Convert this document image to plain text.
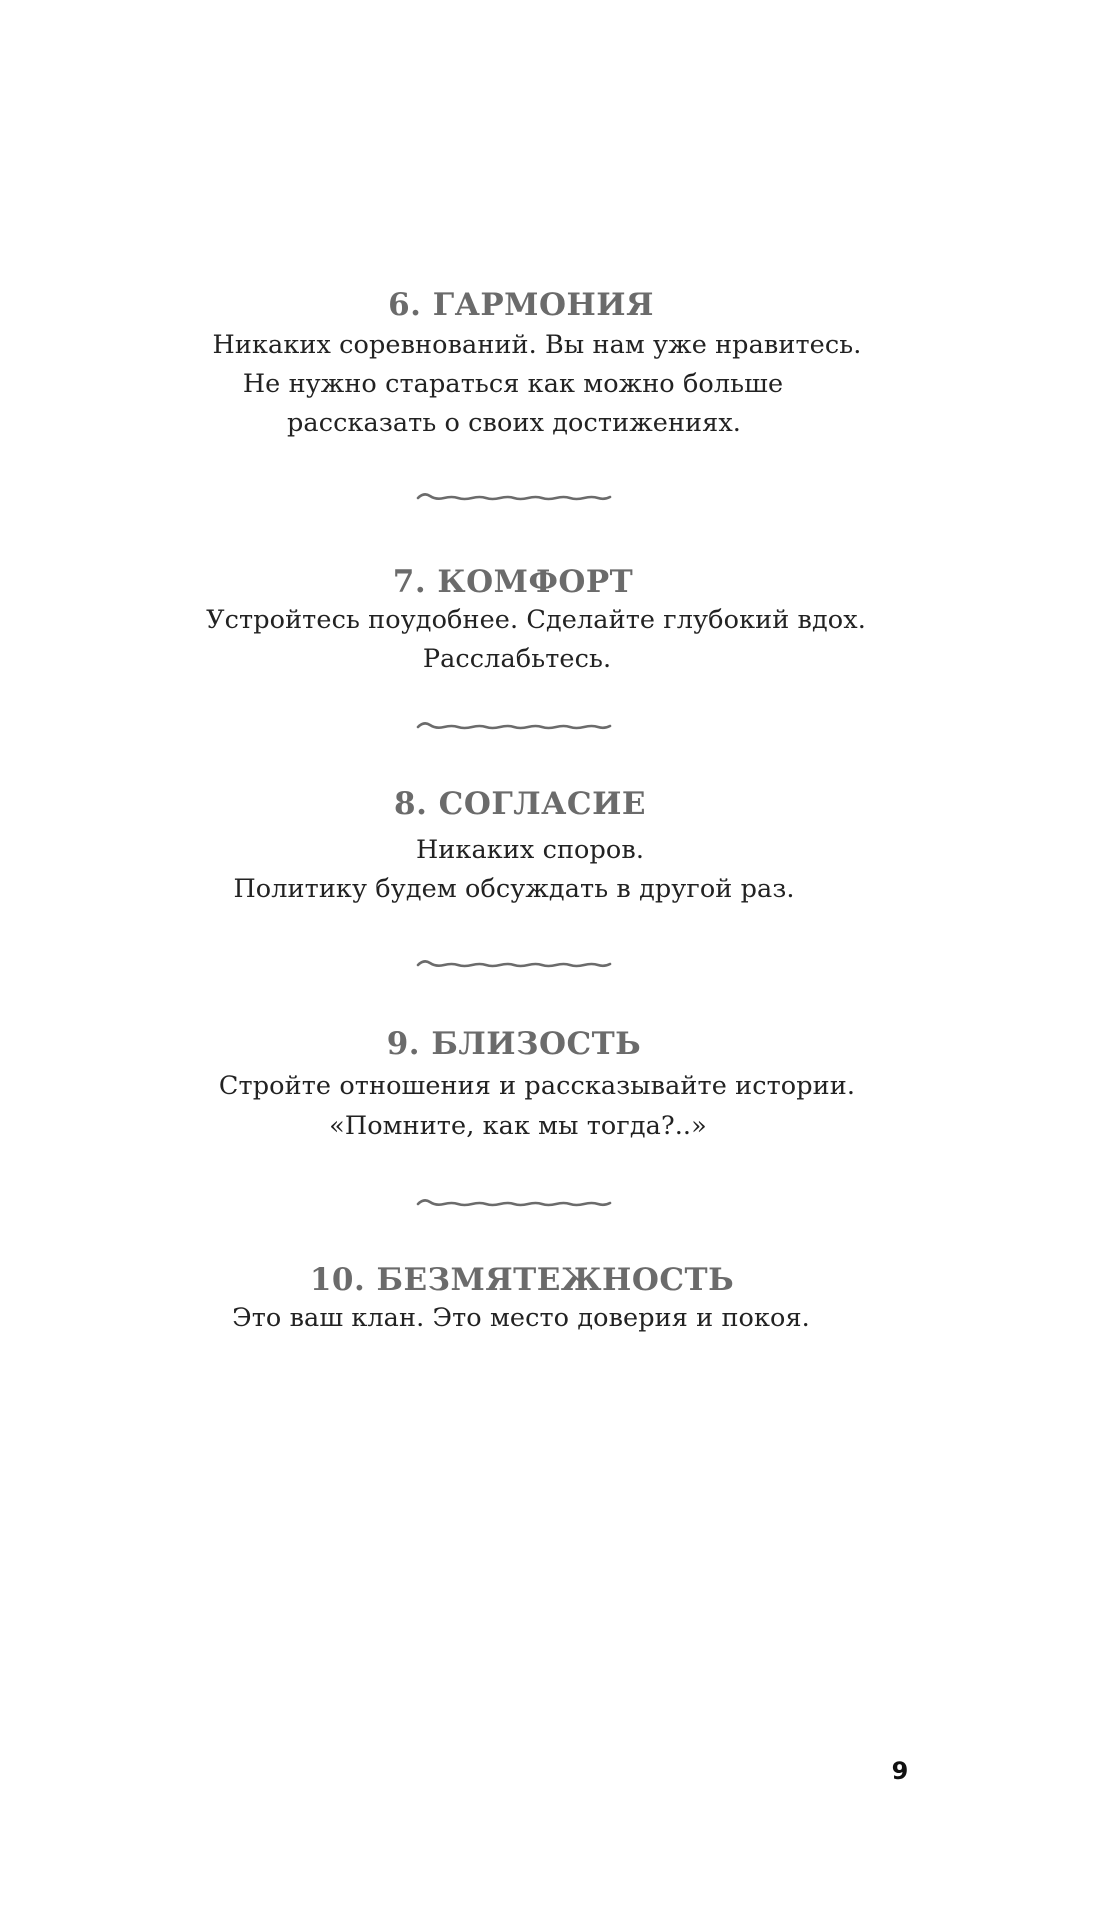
6. ГАРМОНИЯ
Никаких соревнований. Вы нам уже нравитесь.
Не нужно стараться как можно больше
рассказать о своих достижениях.
7. КОМФОРТ
Устройтесь поудобнее. Сделайте глубокий вдох.
Расслабьтесь.
8. СОГЛАСИЕ
Никаких споров.
Политику будем обсуждать в другой раз.
9. БЛИЗОСТЬ
Стройте отношения и рассказывайте истории.
«Помните, как мы тогда?..»
10. БЕЗМЯТЕЖНОСТЬ
Это ваш клан. Это место доверия и покоя.
9
